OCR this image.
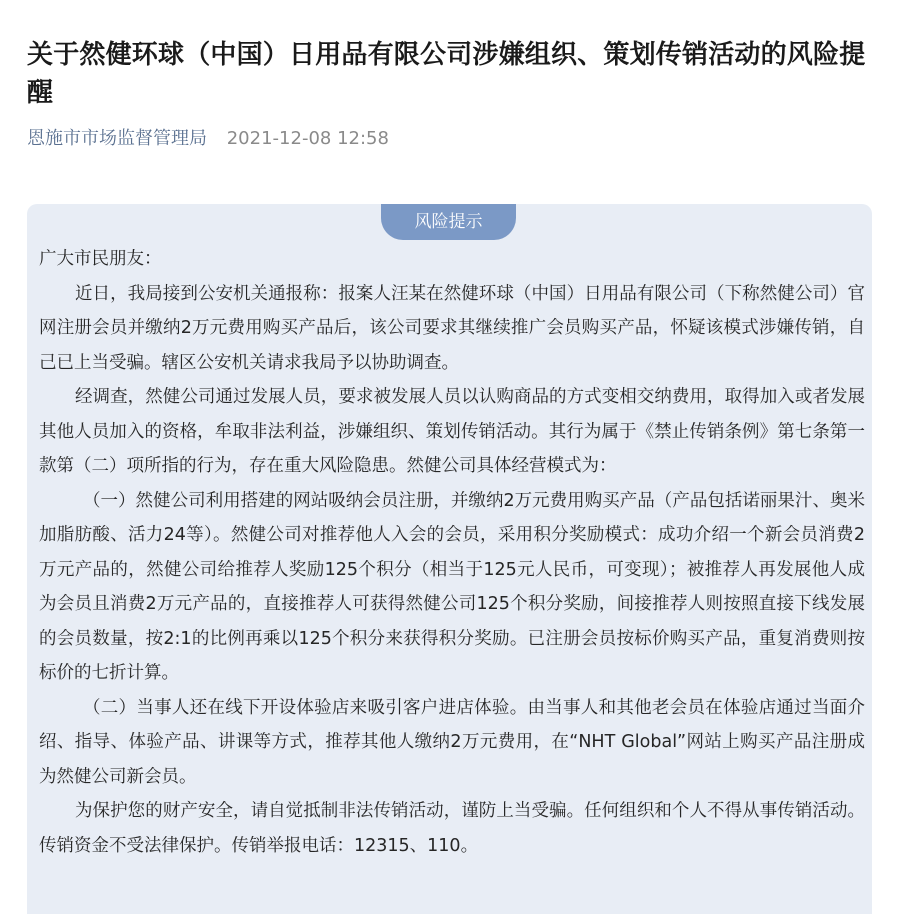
关于然健环球（中国）日用品有限公司涉嫌组织、策划传销活动的风险提醒
恩施市市场监督管理局 2021-12-08 12:58
风险提示

广大市民朋友：

近日，我局接到公安机关通报称：报案人汪某在然健环球（中国）日用品有限公司（下称然健公司）官网注册会员并缴纳2万元费用购买产品后，该公司要求其继续推广会员购买产品，怀疑该模式涉嫌传销，自己已上当受骗。辖区公安机关请求我局予以协助调查。

经调查，然健公司通过发展人员，要求被发展人员以认购商品的方式变相交纳费用，取得加入或者发展其他人员加入的资格，牟取非法利益，涉嫌组织、策划传销活动。其行为属于《禁止传销条例》第七条第一款第（二）项所指的行为，存在重大风险隐患。然健公司具体经营模式为：

（一）然健公司利用搭建的网站吸纳会员注册，并缴纳2万元费用购买产品（产品包括诺丽果汁、奥米加脂肪酸、活力24等）。然健公司对推荐他人入会的会员，采用积分奖励模式：成功介绍一个新会员消费2万元产品的，然健公司给推荐人奖励125个积分（相当于125元人民币，可变现）；被推荐人再发展他人成为会员且消费2万元产品的，直接推荐人可获得然健公司125个积分奖励，间接推荐人则按照直接下线发展的会员数量，按2:1的比例再乘以125个积分来获得积分奖励。已注册会员按标价购买产品，重复消费则按标价的七折计算。

（二）当事人还在线下开设体验店来吸引客户进店体验。由当事人和其他老会员在体验店通过当面介绍、指导、体验产品、讲课等方式，推荐其他人缴纳2万元费用，在“NHT Global”网站上购买产品注册成为然健公司新会员。

为保护您的财产安全，请自觉抵制非法传销活动，谨防上当受骗。任何组织和个人不得从事传销活动。传销资金不受法律保护。传销举报电话：12315、110。
